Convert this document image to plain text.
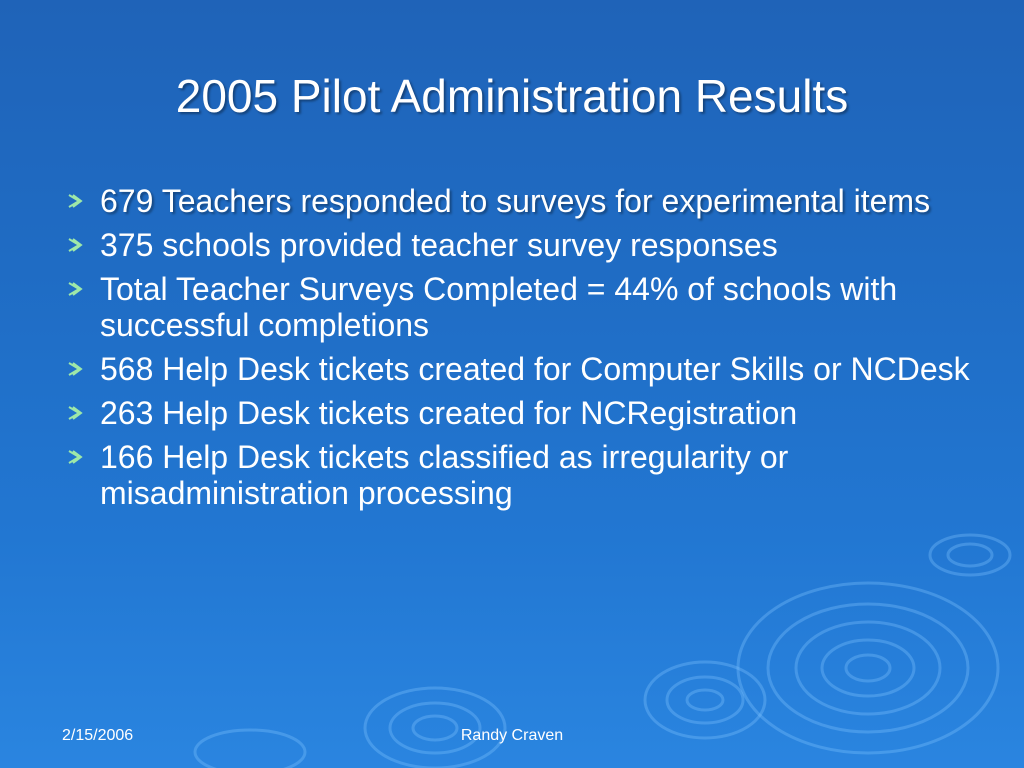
2005 Pilot Administration Results
679 Teachers responded to surveys for experimental items
375 schools provided teacher survey responses
Total Teacher Surveys Completed = 44% of schools with successful completions
568 Help Desk tickets created for Computer Skills or NCDesk
263 Help Desk tickets created for NCRegistration
166 Help Desk tickets classified as irregularity or misadministration processing
2/15/2006	Randy Craven
